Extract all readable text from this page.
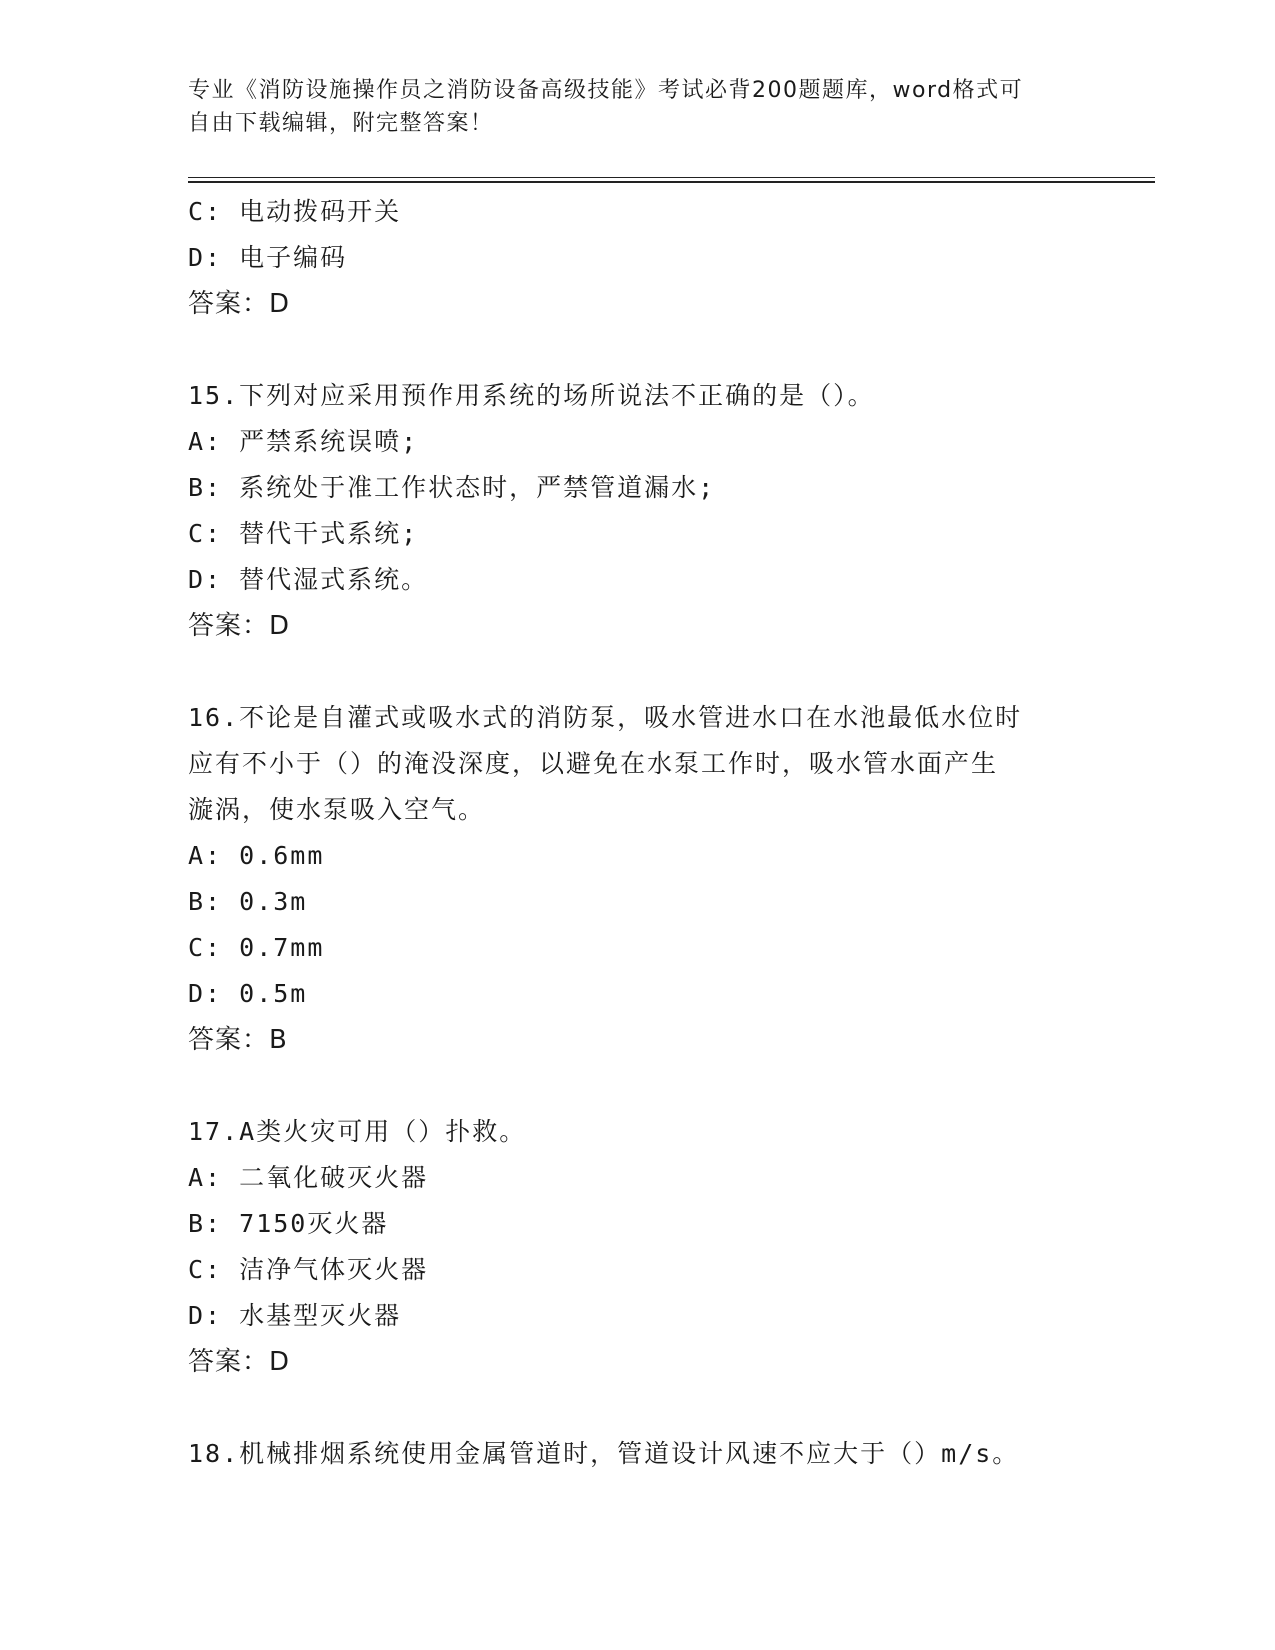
专业《消防设施操作员之消防设备高级技能》考试必背200题题库，word格式可
自由下载编辑，附完整答案！
C: 电动拨码开关
D: 电子编码
答案：D
15.下列对应采用预作用系统的场所说法不正确的是（）。
A: 严禁系统误喷;
B: 系统处于准工作状态时，严禁管道漏水;
C: 替代干式系统;
D: 替代湿式系统。
答案：D
16.不论是自灌式或吸水式的消防泵，吸水管进水口在水池最低水位时
应有不小于（）的淹没深度，以避免在水泵工作时，吸水管水面产生
漩涡，使水泵吸入空气。
A: 0.6mm
B: 0.3m
C: 0.7mm
D: 0.5m
答案：B
17.A类火灾可用（）扑救。
A: 二氧化破灭火器
B: 7150灭火器
C: 洁净气体灭火器
D: 水基型灭火器
答案：D
18.机械排烟系统使用金属管道时，管道设计风速不应大于（）m/s。
